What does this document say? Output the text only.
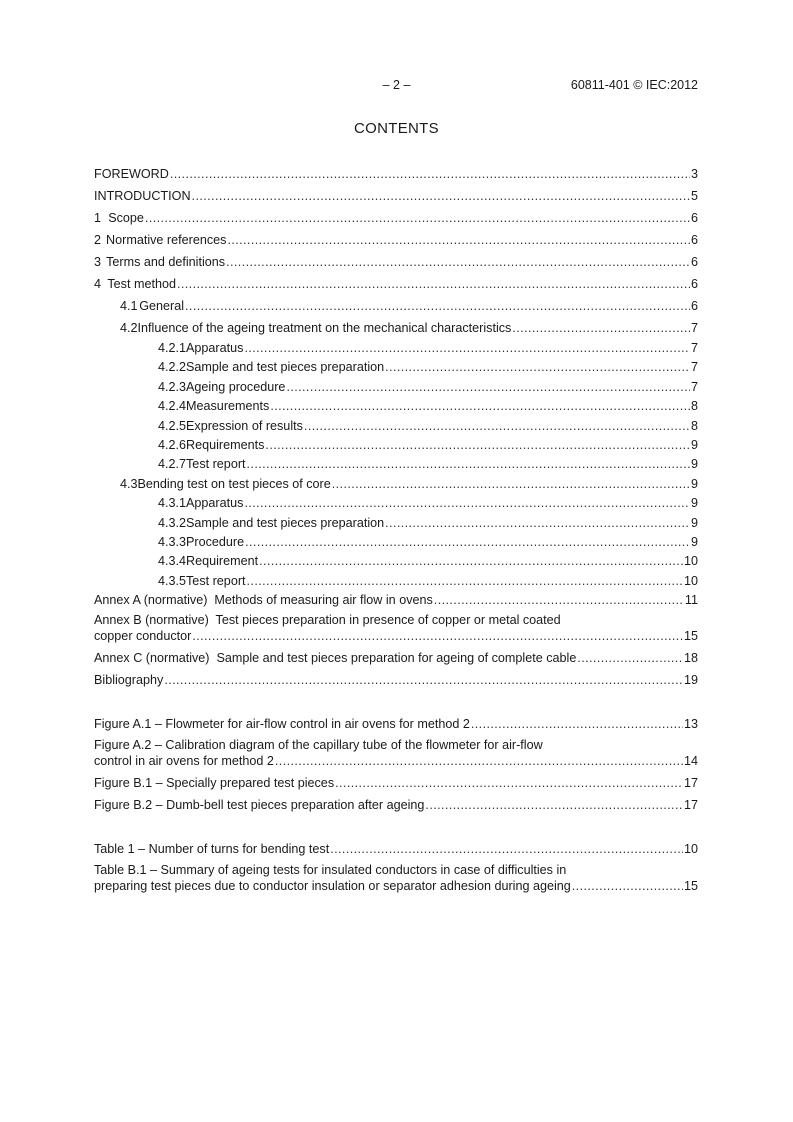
– 2 –	60811-401 © IEC:2012
CONTENTS
FOREWORD .....	3
INTRODUCTION .....	5
1 Scope .....	6
2 Normative references .....	6
3 Terms and definitions .....	6
4 Test method .....	6
4.1 General .....	6
4.2 Influence of the ageing treatment on the mechanical characteristics .....	7
4.2.1 Apparatus .....	7
4.2.2 Sample and test pieces preparation .....	7
4.2.3 Ageing procedure .....	7
4.2.4 Measurements .....	8
4.2.5 Expression of results .....	8
4.2.6 Requirements .....	9
4.2.7 Test report .....	9
4.3 Bending test on test pieces of core .....	9
4.3.1 Apparatus .....	9
4.3.2 Sample and test pieces preparation .....	9
4.3.3 Procedure .....	9
4.3.4 Requirement .....	10
4.3.5 Test report .....	10
Annex A (normative)  Methods of measuring air flow in ovens .....	11
Annex B (normative)  Test pieces preparation in presence of copper or metal coated
copper conductor .....	15
Annex C (normative)  Sample and test pieces preparation for ageing of complete cable .....	18
Bibliography .....	19
Figure A.1 – Flowmeter for air-flow control in air ovens for method 2 .....	13
Figure A.2 – Calibration diagram of the capillary tube of the flowmeter for air-flow
control in air ovens for method 2 .....	14
Figure B.1 – Specially prepared test pieces .....	17
Figure B.2 – Dumb-bell test pieces preparation after ageing .....	17
Table 1 – Number of turns for bending test .....	10
Table B.1 – Summary of ageing tests for insulated conductors in case of difficulties in
preparing test pieces due to conductor insulation or separator adhesion during ageing .....	15
